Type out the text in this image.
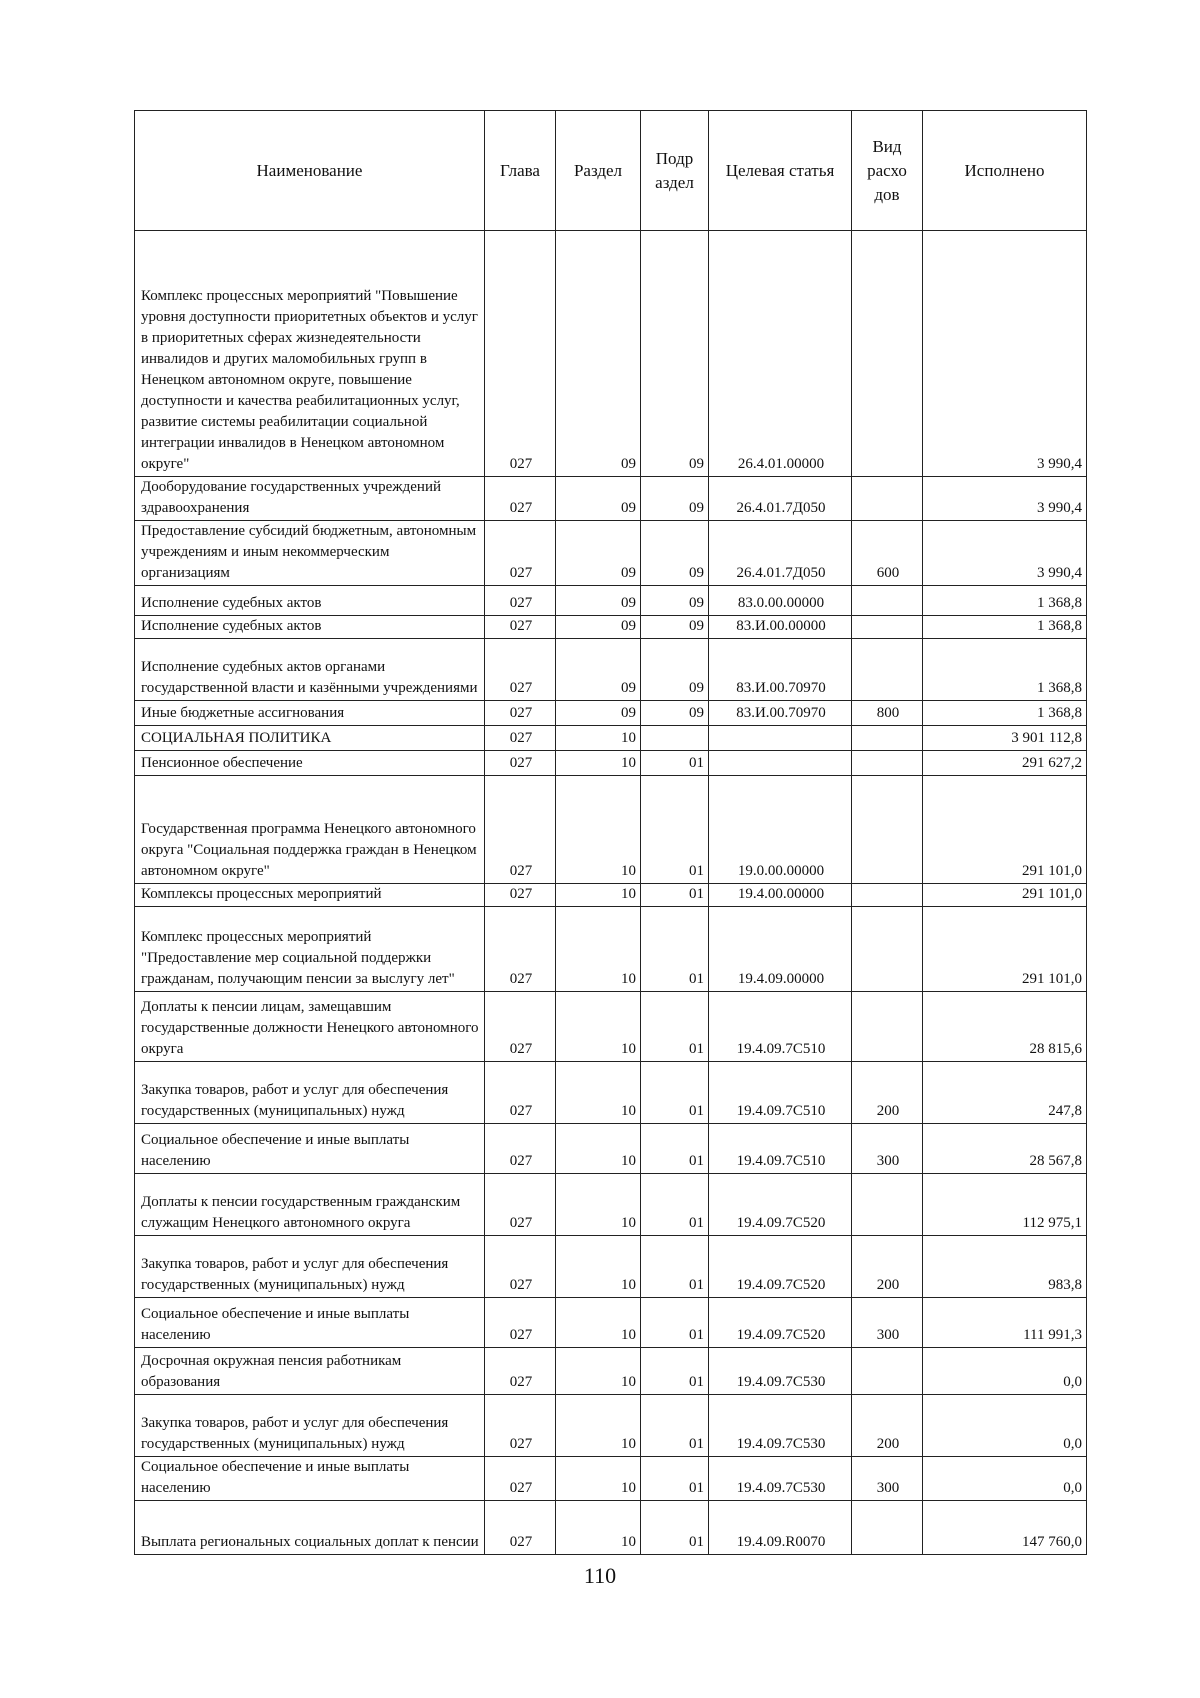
Наименование	Глава	Раздел	Подр аздел	Целевая статья	Вид расхо дов	Исполнено
Комплекс процессных мероприятий "Повышение уровня доступности приоритетных объектов и услуг в приоритетных сферах жизнедеятельности инвалидов и других маломобильных групп в Ненецком автономном округе, повышение доступности и качества реабилитационных услуг, развитие системы реабилитации социальной интеграции инвалидов в Ненецком автономном округе"	027	09	09	26.4.01.00000		3 990,4
Дооборудование государственных учреждений здравоохранения	027	09	09	26.4.01.7Д050		3 990,4
Предоставление субсидий бюджетным, автономным учреждениям и иным некоммерческим организациям	027	09	09	26.4.01.7Д050	600	3 990,4
Исполнение судебных актов	027	09	09	83.0.00.00000		1 368,8
Исполнение судебных актов	027	09	09	83.И.00.00000		1 368,8
Исполнение судебных актов органами государственной власти и казёнными учреждениями	027	09	09	83.И.00.70970		1 368,8
Иные бюджетные ассигнования	027	09	09	83.И.00.70970	800	1 368,8
СОЦИАЛЬНАЯ ПОЛИТИКА	027	10				3 901 112,8
Пенсионное обеспечение	027	10	01			291 627,2
Государственная программа Ненецкого автономного округа "Социальная поддержка граждан в Ненецком автономном округе"	027	10	01	19.0.00.00000		291 101,0
Комплексы процессных мероприятий	027	10	01	19.4.00.00000		291 101,0
Комплекс процессных мероприятий "Предоставление мер социальной поддержки гражданам, получающим пенсии за выслугу лет"	027	10	01	19.4.09.00000		291 101,0
Доплаты к пенсии лицам, замещавшим государственные должности Ненецкого автономного округа	027	10	01	19.4.09.7С510		28 815,6
Закупка товаров, работ и услуг для обеспечения государственных (муниципальных) нужд	027	10	01	19.4.09.7С510	200	247,8
Социальное обеспечение и иные выплаты населению	027	10	01	19.4.09.7С510	300	28 567,8
Доплаты к пенсии государственным гражданским служащим Ненецкого автономного округа	027	10	01	19.4.09.7С520		112 975,1
Закупка товаров, работ и услуг для обеспечения государственных (муниципальных) нужд	027	10	01	19.4.09.7С520	200	983,8
Социальное обеспечение и иные выплаты населению	027	10	01	19.4.09.7С520	300	111 991,3
Досрочная окружная пенсия работникам образования	027	10	01	19.4.09.7С530		0,0
Закупка товаров, работ и услуг для обеспечения государственных (муниципальных) нужд	027	10	01	19.4.09.7С530	200	0,0
Социальное обеспечение и иные выплаты населению	027	10	01	19.4.09.7С530	300	0,0
Выплата региональных социальных доплат к пенсии	027	10	01	19.4.09.R0070		147 760,0
110
